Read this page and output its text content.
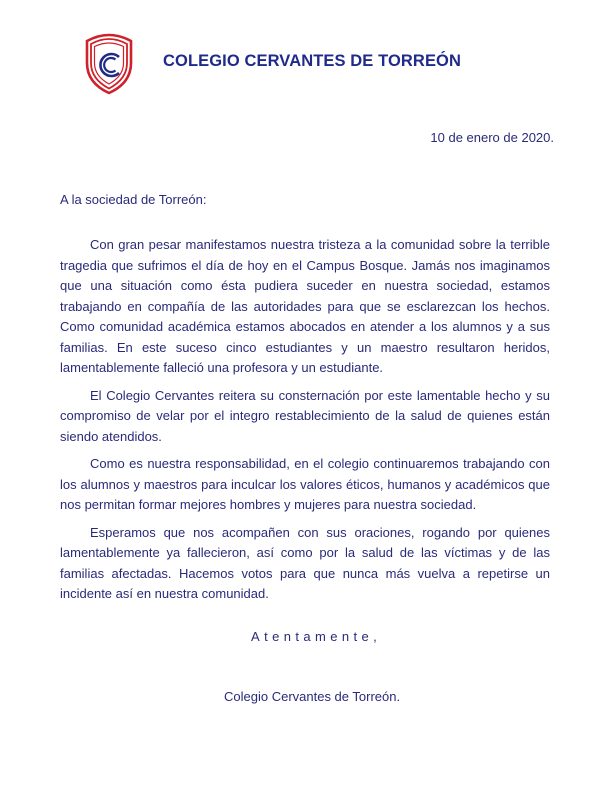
COLEGIO CERVANTES DE TORREÓN
10 de enero de 2020.
A la sociedad de Torreón:

Con gran pesar manifestamos nuestra tristeza a la comunidad sobre la terrible tragedia que sufrimos el día de hoy en el Campus Bosque. Jamás nos imaginamos que una situación como ésta pudiera suceder en nuestra sociedad, estamos trabajando en compañía de las autoridades para que se esclarezcan los hechos. Como comunidad académica estamos abocados en atender a los alumnos y a sus familias. En este suceso cinco estudiantes y un maestro resultaron heridos, lamentablemente falleció una profesora y un estudiante.

El Colegio Cervantes reitera su consternación por este lamentable hecho y su compromiso de velar por el integro restablecimiento de la salud de quienes están siendo atendidos.

Como es nuestra responsabilidad, en el colegio continuaremos trabajando con los alumnos y maestros para inculcar los valores éticos, humanos y académicos que nos permitan formar mejores hombres y mujeres para nuestra sociedad.

Esperamos que nos acompañen con sus oraciones, rogando por quienes lamentablemente ya fallecieron, así como por la salud de las víctimas y de las familias afectadas. Hacemos votos para que nunca más vuelva a repetirse un incidente así en nuestra comunidad.

Atentamente,
Colegio Cervantes de Torreón.
